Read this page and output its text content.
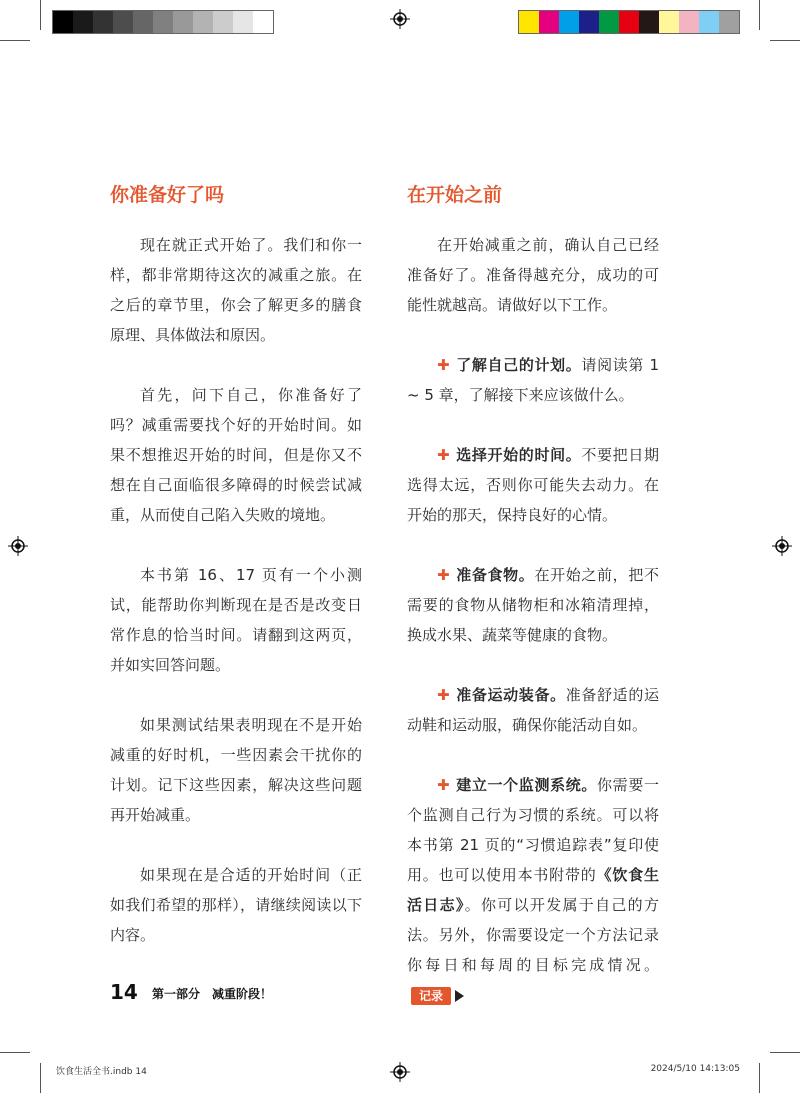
你准备好了吗

现在就正式开始了。我们和你一样，都非常期待这次的减重之旅。在之后的章节里，你会了解更多的膳食原理、具体做法和原因。

首先，问下自己，你准备好了吗？减重需要找个好的开始时间。如果不想推迟开始的时间，但是你又不想在自己面临很多障碍的时候尝试减重，从而使自己陷入失败的境地。

本书第 16、17 页有一个小测试，能帮助你判断现在是否是改变日常作息的恰当时间。请翻到这两页，并如实回答问题。

如果测试结果表明现在不是开始减重的好时机，一些因素会干扰你的计划。记下这些因素，解决这些问题再开始减重。

如果现在是合适的开始时间（正如我们希望的那样），请继续阅读以下内容。

在开始之前

在开始减重之前，确认自己已经准备好了。准备得越充分，成功的可能性就越高。请做好以下工作。

✚ 了解自己的计划。请阅读第 1 ~ 5 章，了解接下来应该做什么。

✚ 选择开始的时间。不要把日期选得太远，否则你可能失去动力。在开始的那天，保持良好的心情。

✚ 准备食物。在开始之前，把不需要的食物从储物柜和冰箱清理掉，换成水果、蔬菜等健康的食物。

✚ 准备运动装备。准备舒适的运动鞋和运动服，确保你能活动自如。

✚ 建立一个监测系统。你需要一个监测自己行为习惯的系统。可以将本书第 21 页的“习惯追踪表”复印使用。也可以使用本书附带的《饮食生活日志》。你可以开发属于自己的方法。另外，你需要设定一个方法记录你每日和每周的目标完成情况。记录

14 第一部分　减重阶段！
饮食生活全书.indb 14	2024/5/10 14:13:05
